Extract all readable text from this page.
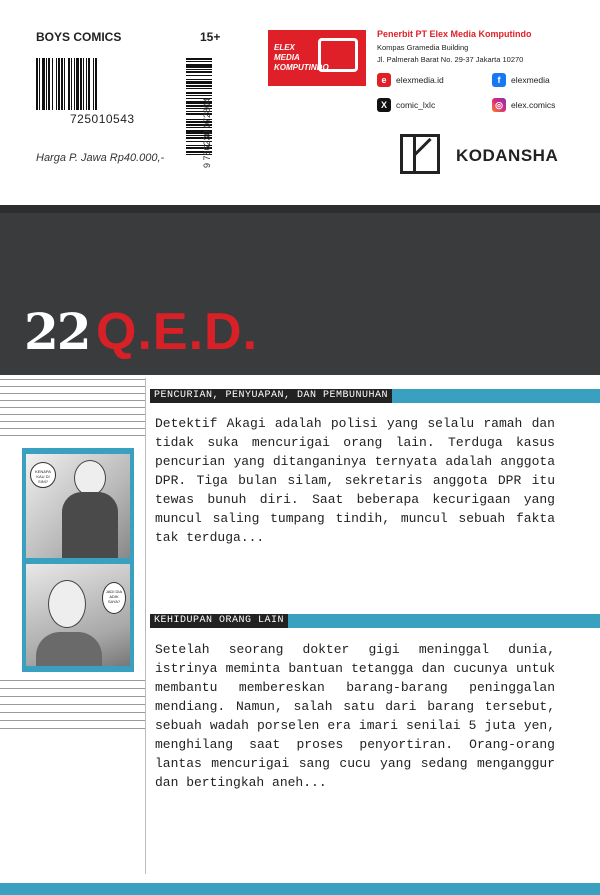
BOYS COMICS	15+
725010543
Harga P. Jawa Rp40.000,-	9 786230 072804
ELEX
MEDIA
KOMPUTINDO
Penerbit PT Elex Media Komputindo
Kompas Gramedia Building
Jl. Palmerah Barat No. 29-37 Jakarta 10270
e	elexmedia.id	f	elexmedia
X	comic_lxlc	◎ elex.comics
KODANSHA
22 Q.E.D.
KENAPA KAU DI SINI?
JADI DIA ADIK SAYA?
PENCURIAN, PENYUAPAN, DAN PEMBUNUHAN
Detektif Akagi adalah polisi yang selalu ramah dan tidak suka mencurigai orang lain. Terduga kasus pencurian yang ditanganinya ternyata adalah anggota DPR. Tiga bulan silam, sekretaris anggota DPR itu tewas bunuh diri. Saat beberapa kecurigaan yang muncul saling tumpang tindih, muncul sebuah fakta tak terduga...
KEHIDUPAN ORANG LAIN
Setelah seorang dokter gigi meninggal dunia, istrinya meminta bantuan tetangga dan cucunya untuk membantu membereskan barang-barang peninggalan mendiang. Namun, salah satu dari barang tersebut, sebuah wadah porselen era imari senilai 5 juta yen, menghilang saat proses penyortiran. Orang-orang lantas mencurigai sang cucu yang sedang menganggur dan bertingkah aneh...
